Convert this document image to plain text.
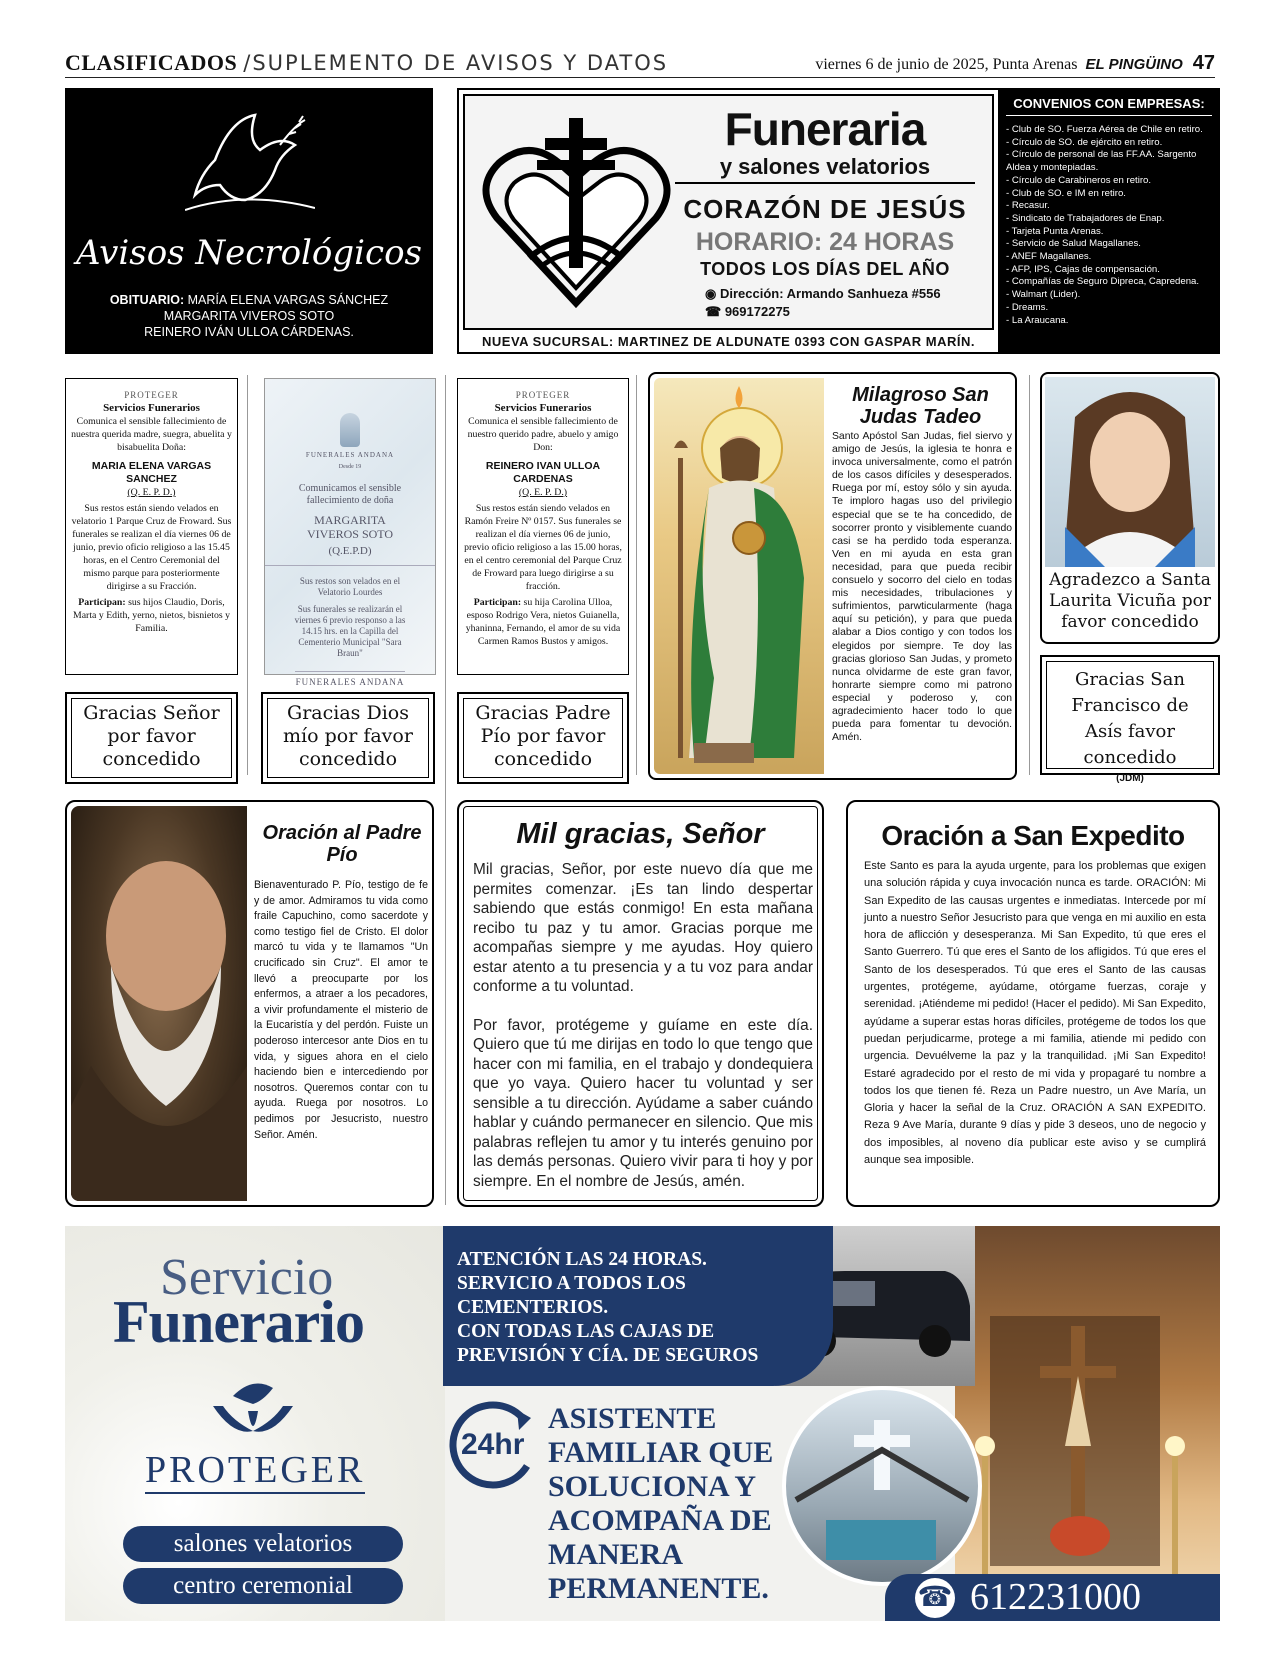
CLASIFICADOS /SUPLEMENTO DE AVISOS Y DATOS	viernes 6 de junio de 2025, Punta Arenas EL PINGÜINO 47
Avisos Necrológicos
OBITUARIO: MARÍA ELENA VARGAS SÁNCHEZ
MARGARITA VIVEROS SOTO
REINERO IVÁN ULLOA CÁRDENAS.
Funeraria
y salones velatorios
CORAZÓN DE JESÚS
HORARIO: 24 HORAS
TODOS LOS DÍAS DEL AÑO
◉ Dirección: Armando Sanhueza #556
☎ 969172275
NUEVA SUCURSAL: MARTINEZ DE ALDUNATE 0393 CON GASPAR MARÍN.
CONVENIOS CON EMPRESAS:
- Club de SO. Fuerza Aérea de Chile en retiro.
- Círculo de SO. de ejército en retiro.
- Círculo de personal de las FF.AA. Sargento Aldea y montepiadas.
- Círculo de Carabineros en retiro.
- Club de SO. e IM en retiro.
- Recasur.
- Sindicato de Trabajadores de Enap.
- Tarjeta Punta Arenas.
- Servicio de Salud Magallanes.
- ANEF Magallanes.
- AFP, IPS, Cajas de compensación.
- Compañías de Seguro Dipreca, Capredena.
- Walmart (Lider).
- Dreams.
- La Araucana.
PROTEGER
Servicios Funerarios
Comunica el sensible fallecimiento de nuestra querida madre, suegra, abuelita y bisabuelita Doña:
MARIA ELENA VARGAS SANCHEZ
(Q. E. P. D.)

Sus restos están siendo velados en velatorio 1 Parque Cruz de Froward. Sus funerales se realizan el día viernes 06 de junio, previo oficio religioso a las 15.45 horas, en el Centro Ceremonial del mismo parque para posteriormente dirigirse a su Fracción.

Participan: sus hijos Claudio, Doris, Marta y Edith, yerno, nietos, bisnietos y Familia.

FUNERALES ANDANA
Desde 19
Comunicamos el sensible fallecimiento de doña
MARGARITA VIVEROS SOTO
(Q.E.P.D)
Sus restos son velados en el Velatorio Lourdes
Sus funerales se realizarán el viernes 6 previo responso a las 14.15 hrs. en la Capilla del Cementerio Municipal "Sara Braun"
FUNERALES ANDANA
PROTEGER
Servicios Funerarios
Comunica el sensible fallecimiento de nuestro querido padre, abuelo y amigo Don:
REINERO IVAN ULLOA CARDENAS
(Q. E. P. D.)

Sus restos están siendo velados en Ramón Freire Nº 0157. Sus funerales se realizan el día viernes 06 de junio, previo oficio religioso a las 15.00 horas, en el centro ceremonial del Parque Cruz de Froward para luego dirigirse a su fracción.

Participan: su hija Carolina Ulloa, esposo Rodrigo Vera, nietos Guianella, yhaninna, Fernando, el amor de su vida Carmen Ramos Bustos y amigos.

Gracias Señor por favor concedido
Gracias Dios mío por favor concedido
Gracias Padre Pío por favor concedido
Milagroso San Judas Tadeo
Santo Apóstol San Judas, fiel siervo y amigo de Jesús, la iglesia te honra e invoca universalmente, como el patrón de los casos difíciles y desesperados. Ruega por mí, estoy sólo y sin ayuda. Te imploro hagas uso del privilegio especial que se te ha concedido, de socorrer pronto y visiblemente cuando casi se ha perdido toda esperanza. Ven en mi ayuda en esta gran necesidad, para que pueda recibir consuelo y socorro del cielo en todas mis necesidades, tribulaciones y sufrimientos, parwticularmente (haga aquí su petición), y para que pueda alabar a Dios contigo y con todos los elegidos por siempre. Te doy las gracias glorioso San Judas, y prometo nunca olvidarme de este gran favor, honrarte siempre como mi patrono especial y poderoso y, con agradecimiento hacer todo lo que pueda para fomentar tu devoción. Amén.
Agradezco a Santa Laurita Vicuña por favor concedido
Gracias San Francisco de Asís favor concedido
(JDM)
Oración al Padre Pío
Bienaventurado P. Pío, testigo de fe y de amor. Admiramos tu vida como fraile Capuchino, como sacerdote y como testigo fiel de Cristo. El dolor marcó tu vida y te llamamos "Un crucificado sin Cruz". El amor te llevó a preocuparte por los enfermos, a atraer a los pecadores, a vivir profundamente el misterio de la Eucaristía y del perdón. Fuiste un poderoso intercesor ante Dios en tu vida, y sigues ahora en el cielo haciendo bien e intercediendo por nosotros. Queremos contar con tu ayuda. Ruega por nosotros. Lo pedimos por Jesucristo, nuestro Señor. Amén.
Mil gracias, Señor

Mil gracias, Señor, por este nuevo día que me permites comenzar. ¡Es tan lindo despertar sabiendo que estás conmigo! En esta mañana recibo tu paz y tu amor. Gracias porque me acompañas siempre y me ayudas. Hoy quiero estar atento a tu presencia y a tu voz para andar conforme a tu voluntad.

Por favor, protégeme y guíame en este día. Quiero que tú me dirijas en todo lo que tengo que hacer con mi familia, en el trabajo y dondequiera que yo vaya. Quiero hacer tu voluntad y ser sensible a tu dirección. Ayúdame a saber cuándo hablar y cuándo permanecer en silencio. Que mis palabras reflejen tu amor y tu interés genuino por las demás personas. Quiero vivir para ti hoy y por siempre. En el nombre de Jesús, amén.

Oración a San Expedito
Este Santo es para la ayuda urgente, para los problemas que exigen una solución rápida y cuya invocación nunca es tarde. ORACIÓN: Mi San Expedito de las causas urgentes e inmediatas. Intercede por mí junto a nuestro Señor Jesucristo para que venga en mi auxilio en esta hora de aflicción y desesperanza. Mi San Expedito, tú que eres el Santo Guerrero. Tú que eres el Santo de los afligidos. Tú que eres el Santo de los desesperados. Tú que eres el Santo de las causas urgentes, protégeme, ayúdame, otórgame fuerzas, coraje y serenidad. ¡Atiéndeme mi pedido! (Hacer el pedido). Mi San Expedito, ayúdame a superar estas horas difíciles, protégeme de todos los que puedan perjudicarme, protege a mi familia, atiende mi pedido con urgencia. Devuélveme la paz y la tranquilidad. ¡Mi San Expedito! Estaré agradecido por el resto de mi vida y propagaré tu nombre a todos los que tienen fé. Reza un Padre nuestro, un Ave María, un Gloria y hacer la señal de la Cruz. ORACIÓN A SAN EXPEDITO. Reza 9 Ave María, durante 9 días y pide 3 deseos, uno de negocio y dos imposibles, al noveno día publicar este aviso y se cumplirá aunque sea imposible.
Servicio
Funerario
PROTEGER
salones velatorios
centro ceremonial
ATENCIÓN LAS 24 HORAS.
SERVICIO A TODOS LOS
CEMENTERIOS.
CON TODAS LAS CAJAS DE
PREVISIÓN Y CÍA. DE SEGUROS
24hr
ASISTENTE
FAMILIAR QUE
SOLUCIONA Y
ACOMPAÑA DE
MANERA
PERMANENTE.	☎ 612231000
